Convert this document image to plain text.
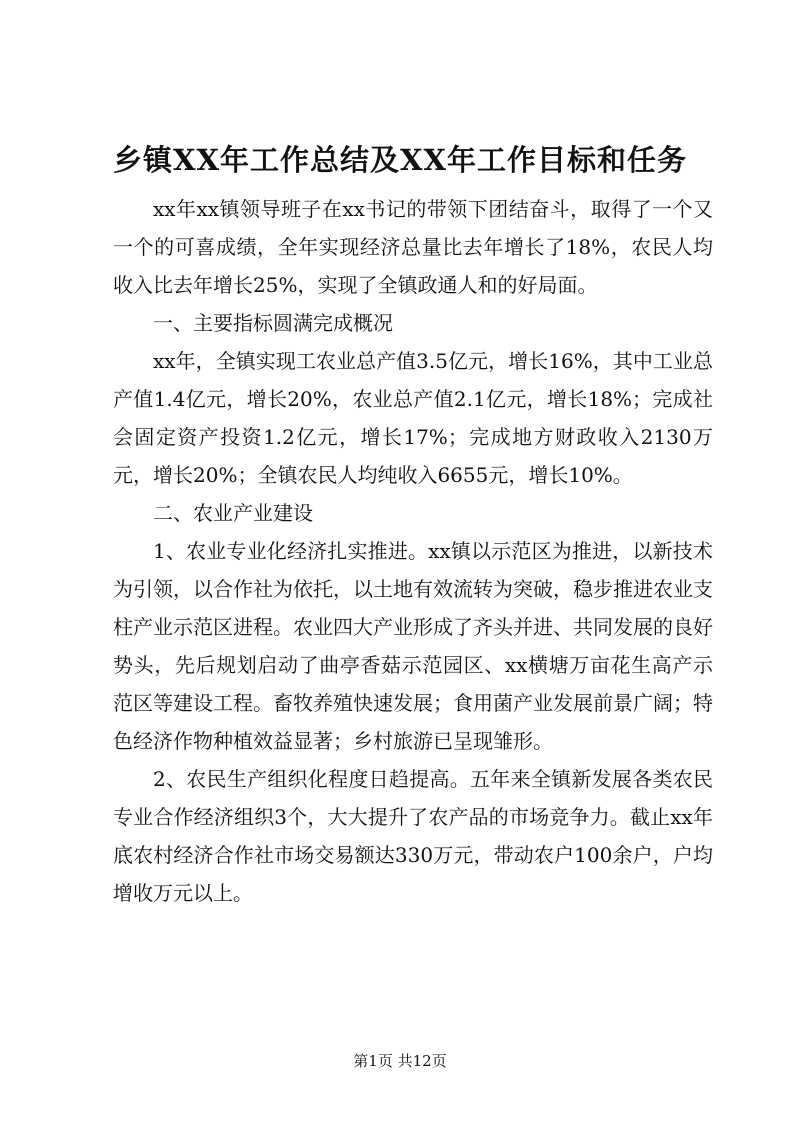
乡镇XX年工作总结及XX年工作目标和任务

xx年xx镇领导班子在xx书记的带领下团结奋斗，取得了一个又一个的可喜成绩，全年实现经济总量比去年增长了18%，农民人均收入比去年增长25%，实现了全镇政通人和的好局面。

一、主要指标圆满完成概况

xx年，全镇实现工农业总产值3.5亿元，增长16%，其中工业总产值1.4亿元，增长20%，农业总产值2.1亿元，增长18%；完成社会固定资产投资1.2亿元，增长17%；完成地方财政收入2130万元，增长20%；全镇农民人均纯收入6655元，增长10%。

二、农业产业建设

1、农业专业化经济扎实推进。xx镇以示范区为推进，以新技术为引领，以合作社为依托，以土地有效流转为突破，稳步推进农业支柱产业示范区进程。农业四大产业形成了齐头并进、共同发展的良好势头，先后规划启动了曲亭香菇示范园区、xx横塘万亩花生高产示范区等建设工程。畜牧养殖快速发展；食用菌产业发展前景广阔；特色经济作物种植效益显著；乡村旅游已呈现雏形。

2、农民生产组织化程度日趋提高。五年来全镇新发展各类农民专业合作经济组织3个，大大提升了农产品的市场竞争力。截止xx年底农村经济合作社市场交易额达330万元，带动农户100余户，户均增收万元以上。

第1页 共12页
